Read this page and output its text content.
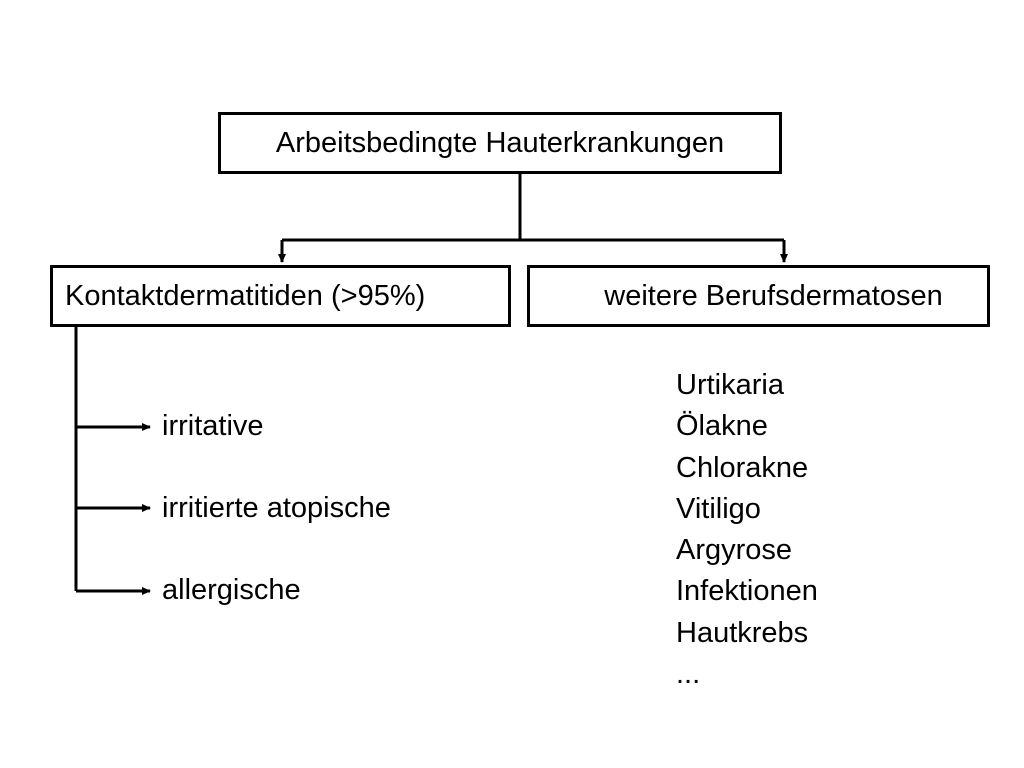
Arbeitsbedingte Hauterkrankungen
Kontaktdermatitiden (>95%)	weitere Berufsdermatosen
irritative
irritierte atopische
allergische
Urtikaria
Ölakne
Chlorakne
Vitiligo
Argyrose
Infektionen
Hautkrebs
...
